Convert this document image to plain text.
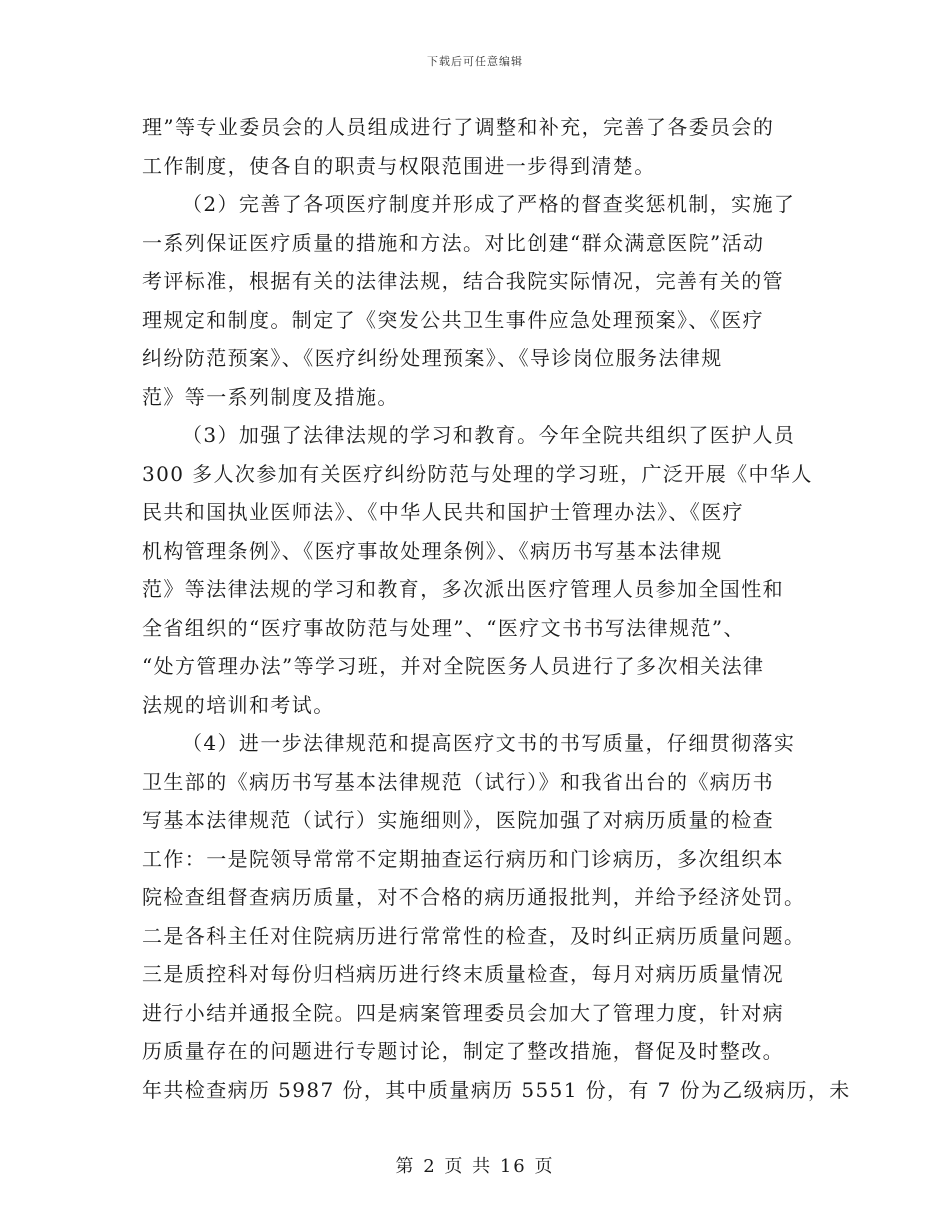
下载后可任意编辑
理”等专业委员会的人员组成进行了调整和补充，完善了各委员会的
工作制度，使各自的职责与权限范围进一步得到清楚。
（2）完善了各项医疗制度并形成了严格的督查奖惩机制，实施了
一系列保证医疗质量的措施和方法。对比创建“群众满意医院”活动
考评标准，根据有关的法律法规，结合我院实际情况，完善有关的管
理规定和制度。制定了《突发公共卫生事件应急处理预案》、《医疗
纠纷防范预案》、《医疗纠纷处理预案》、《导诊岗位服务法律规
范》等一系列制度及措施。
（3）加强了法律法规的学习和教育。今年全院共组织了医护人员
300 多人次参加有关医疗纠纷防范与处理的学习班，广泛开展《中华人
民共和国执业医师法》、《中华人民共和国护士管理办法》、《医疗
机构管理条例》、《医疗事故处理条例》、《病历书写基本法律规
范》等法律法规的学习和教育，多次派出医疗管理人员参加全国性和
全省组织的“医疗事故防范与处理”、“医疗文书书写法律规范”、
“处方管理办法”等学习班，并对全院医务人员进行了多次相关法律
法规的培训和考试。
（4）进一步法律规范和提高医疗文书的书写质量，仔细贯彻落实
卫生部的《病历书写基本法律规范（试行）》和我省出台的《病历书
写基本法律规范（试行）实施细则》，医院加强了对病历质量的检查
工作：一是院领导常常不定期抽查运行病历和门诊病历，多次组织本
院检查组督查病历质量，对不合格的病历通报批判，并给予经济处罚。
二是各科主任对住院病历进行常常性的检查，及时纠正病历质量问题。
三是质控科对每份归档病历进行终末质量检查，每月对病历质量情况
进行小结并通报全院。四是病案管理委员会加大了管理力度，针对病
历质量存在的问题进行专题讨论，制定了整改措施，督促及时整改。
年共检查病历 5987 份，其中质量病历 5551 份，有 7 份为乙级病历，未
第 2 页 共 16 页
